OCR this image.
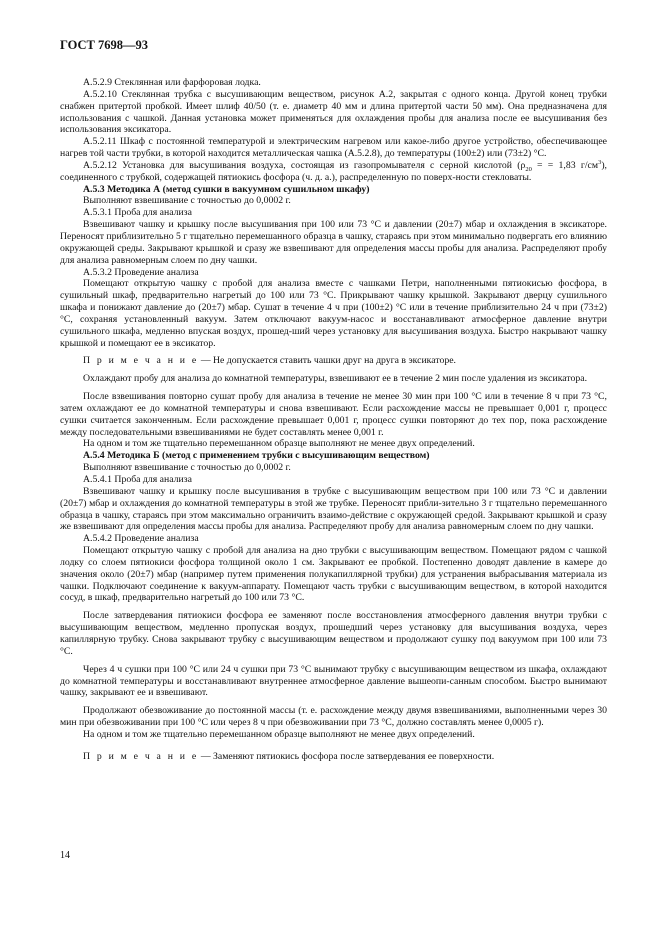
ГОСТ 7698—93

А.5.2.9 Стеклянная или фарфоровая лодка.

А.5.2.10 Стеклянная трубка с высушивающим веществом, рисунок А.2, закрытая с одного конца. Другой конец трубки снабжен притертой пробкой. Имеет шлиф 40/50 (т. е. диаметр 40 мм и длина притертой части 50 мм). Она предназначена для использования с чашкой. Данная установка может применяться для охлаждения пробы для анализа после ее высушивания без использования эксикатора.

А.5.2.11 Шкаф с постоянной температурой и электрическим нагревом или какое-либо другое устройство, обеспечивающее нагрев той части трубки, в которой находится металлическая чашка (А.5.2.8), до температуры (100±2) или (73±2) °С.

А.5.2.12 Установка для высушивания воздуха, состоящая из газопромывателя с серной кислотой ($\rho_{20}$ = = 1,83 $г/см^3$), соединенного с трубкой, содержащей пятиокись фосфора (ч. д. а.), распределенную по поверх-ности стекловаты.

А.5.3 Методика А (метод сушки в вакуумном сушильном шкафу)

Выполняют взвешивание с точностью до 0,0002 г.

А.5.3.1 Проба для анализа

Взвешивают чашку и крышку после высушивания при 100 или 73 °С и давлении (20±7) мбар и охлаждения в эксикаторе. Переносят приблизительно 5 г тщательно перемешанного образца в чашку, стараясь при этом минимально подвергать его влиянию окружающей среды. Закрывают крышкой и сразу же взвешивают для определения массы пробы для анализа. Распределяют пробу для анализа равномерным слоем по дну чашки.

А.5.3.2 Проведение анализа

Помещают открытую чашку с пробой для анализа вместе с чашками Петри, наполненными пятиокисью фосфора, в сушильный шкаф, предварительно нагретый до 100 или 73 °С. Прикрывают чашку крышкой. Закрывают дверцу сушильного шкафа и понижают давление до (20±7) мбар. Сушат в течение 4 ч при (100±2) °С или в течение приблизительно 24 ч при (73±2) °С, сохраняя установленный вакуум. Затем отключают вакуум-насос и восстанавливают атмосферное давление внутри сушильного шкафа, медленно впуская воздух, прошед-ший через установку для высушивания воздуха. Быстро накрывают чашку крышкой и помещают ее в эксикатор.

П р и м е ч а н и е — Не допускается ставить чашки друг на друга в эксикаторе.

Охлаждают пробу для анализа до комнатной температуры, взвешивают ее в течение 2 мин после удаления из эксикатора.

После взвешивания повторно сушат пробу для анализа в течение не менее 30 мин при 100 °С или в течение 8 ч при 73 °С, затем охлаждают ее до комнатной температуры и снова взвешивают. Если расхождение массы не превышает 0,001 г, процесс сушки считается законченным. Если расхождение превышает 0,001 г, процесс сушки повторяют до тех пор, пока расхождение между последовательными взвешиваниями не будет составлять менее 0,001 г.

На одном и том же тщательно перемешанном образце выполняют не менее двух определений.

А.5.4 Методика Б (метод с применением трубки с высушивающим веществом)

Выполняют взвешивание с точностью до 0,0002 г.

А.5.4.1 Проба для анализа

Взвешивают чашку и крышку после высушивания в трубке с высушивающим веществом при 100 или 73 °С и давлении (20±7) мбар и охлаждения до комнатной температуры в этой же трубке. Переносят прибли-зительно 3 г тщательно перемешанного образца в чашку, стараясь при этом максимально ограничить взаимо-действие с окружающей средой. Закрывают крышкой и сразу же взвешивают для определения массы пробы для анализа. Распределяют пробу для анализа равномерным слоем по дну чашки.

А.5.4.2 Проведение анализа

Помещают открытую чашку с пробой для анализа на дно трубки с высушивающим веществом. Помещают рядом с чашкой лодку со слоем пятиокиси фосфора толщиной около 1 см. Закрывают ее пробкой. Постепенно доводят давление в камере до значения около (20±7) мбар (например путем применения полукапиллярной трубки) для устранения выбрасывания материала из чашки. Подключают соединение к вакуум-аппарату. Помещают часть трубки с высушивающим веществом, в которой находится сосуд, в шкаф, предварительно нагретый до 100 или 73 °С.

После затвердевания пятиокиси фосфора ее заменяют после восстановления атмосферного давления внутри трубки с высушивающим веществом, медленно пропуская воздух, прошедший через установку для высушивания воздуха, через капиллярную трубку. Снова закрывают трубку с высушивающим веществом и продолжают сушку под вакуумом при 100 или 73 °С.

Через 4 ч сушки при 100 °С или 24 ч сушки при 73 °С вынимают трубку с высушивающим веществом из шкафа, охлаждают до комнатной температуры и восстанавливают внутреннее атмосферное давление вышеопи-санным способом. Быстро вынимают чашку, закрывают ее и взвешивают.

Продолжают обезвоживание до постоянной массы (т. е. расхождение между двумя взвешиваниями, выполненными через 30 мин при обезвоживании при 100 °С или через 8 ч при обезвоживании при 73 °С, должно составлять менее 0,0005 г).

На одном и том же тщательно перемешанном образце выполняют не менее двух определений.

П р и м е ч а н и е — Заменяют пятиокись фосфора после затвердевания ее поверхности.

14
